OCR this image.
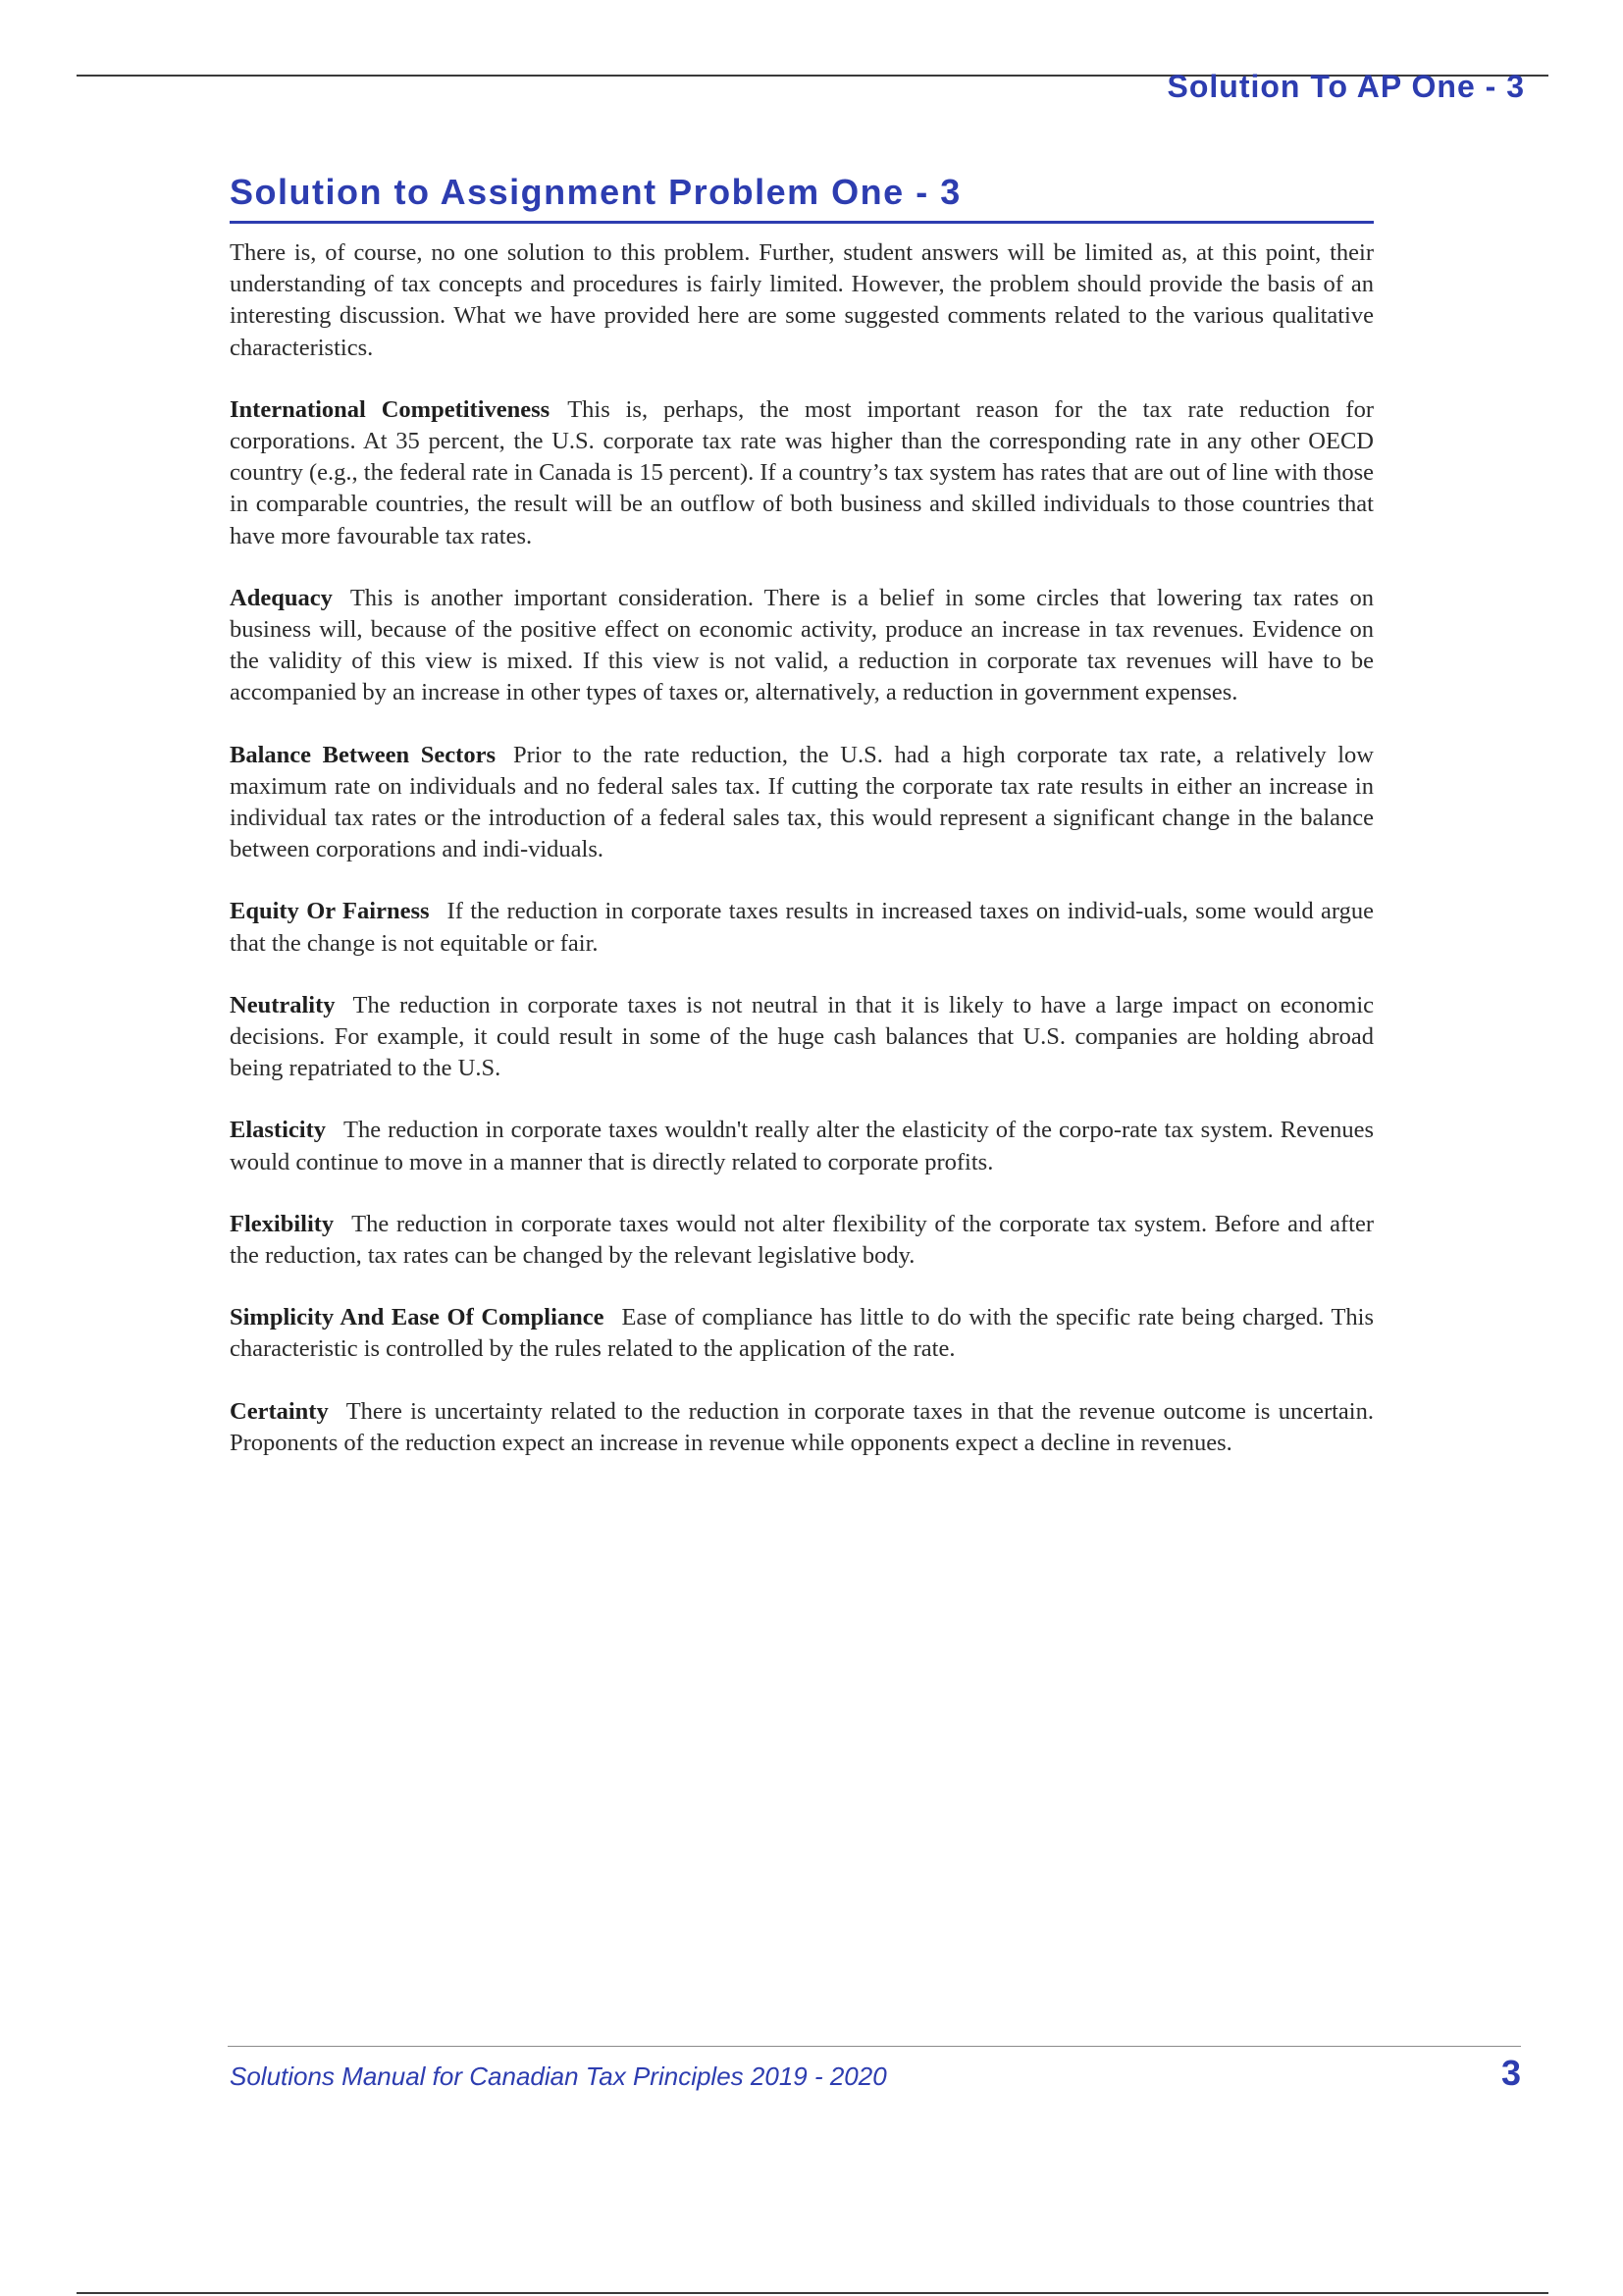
Solution To AP One - 3
Solution to Assignment Problem One - 3

There is, of course, no one solution to this problem. Further, student answers will be limited as, at this point, their understanding of tax concepts and procedures is fairly limited. However, the problem should provide the basis of an interesting discussion. What we have provided here are some suggested comments related to the various qualitative characteristics.

International Competitiveness This is, perhaps, the most important reason for the tax rate reduction for corporations. At 35 percent, the U.S. corporate tax rate was higher than the corresponding rate in any other OECD country (e.g., the federal rate in Canada is 15 percent). If a country’s tax system has rates that are out of line with those in comparable countries, the result will be an outflow of both business and skilled individuals to those countries that have more favourable tax rates.

Adequacy This is another important consideration. There is a belief in some circles that lowering tax rates on business will, because of the positive effect on economic activity, produce an increase in tax revenues. Evidence on the validity of this view is mixed. If this view is not valid, a reduction in corporate tax revenues will have to be accompanied by an increase in other types of taxes or, alternatively, a reduction in government expenses.

Balance Between Sectors Prior to the rate reduction, the U.S. had a high corporate tax rate, a relatively low maximum rate on individuals and no federal sales tax. If cutting the corporate tax rate results in either an increase in individual tax rates or the introduction of a federal sales tax, this would represent a significant change in the balance between corporations and indi-viduals.

Equity Or Fairness If the reduction in corporate taxes results in increased taxes on individ-uals, some would argue that the change is not equitable or fair.

Neutrality The reduction in corporate taxes is not neutral in that it is likely to have a large impact on economic decisions. For example, it could result in some of the huge cash balances that U.S. companies are holding abroad being repatriated to the U.S.

Elasticity The reduction in corporate taxes wouldn't really alter the elasticity of the corpo-rate tax system. Revenues would continue to move in a manner that is directly related to corporate profits.

Flexibility The reduction in corporate taxes would not alter flexibility of the corporate tax system. Before and after the reduction, tax rates can be changed by the relevant legislative body.

Simplicity And Ease Of Compliance Ease of compliance has little to do with the specific rate being charged. This characteristic is controlled by the rules related to the application of the rate.

Certainty There is uncertainty related to the reduction in corporate taxes in that the revenue outcome is uncertain. Proponents of the reduction expect an increase in revenue while opponents expect a decline in revenues.

Solutions Manual for Canadian Tax Principles 2019 - 2020	3
